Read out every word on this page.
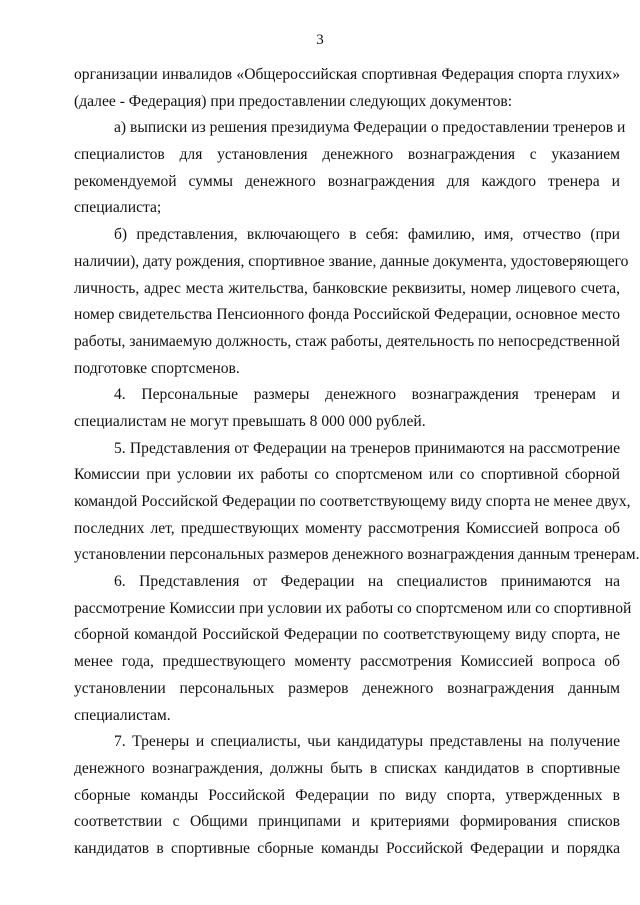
3
организации инвалидов «Общероссийская спортивная Федерация спорта глухих»
(далее - Федерация) при предоставлении следующих документов:
а) выписки из решения президиума Федерации о предоставлении тренеров и
специалистов для установления денежного вознаграждения с указанием
рекомендуемой суммы денежного вознаграждения для каждого тренера и
специалиста;
б) представления, включающего в себя: фамилию, имя, отчество (при
наличии), дату рождения, спортивное звание, данные документа, удостоверяющего
личность, адрес места жительства, банковские реквизиты, номер лицевого счета,
номер свидетельства Пенсионного фонда Российской Федерации, основное место
работы, занимаемую должность, стаж работы, деятельность по непосредственной
подготовке спортсменов.
4. Персональные размеры денежного вознаграждения тренерам и
специалистам не могут превышать 8 000 000 рублей.
5. Представления от Федерации на тренеров принимаются на рассмотрение
Комиссии при условии их работы со спортсменом или со спортивной сборной
командой Российской Федерации по соответствующему виду спорта не менее двух,
последних лет, предшествующих моменту рассмотрения Комиссией вопроса об
установлении персональных размеров денежного вознаграждения данным тренерам.
6. Представления от Федерации на специалистов принимаются на
рассмотрение Комиссии при условии их работы со спортсменом или со спортивной
сборной командой Российской Федерации по соответствующему виду спорта, не
менее года, предшествующего моменту рассмотрения Комиссией вопроса об
установлении персональных размеров денежного вознаграждения данным
специалистам.
7. Тренеры и специалисты, чьи кандидатуры представлены на получение
денежного вознаграждения, должны быть в списках кандидатов в спортивные
сборные команды Российской Федерации по виду спорта, утвержденных в
соответствии с Общими принципами и критериями формирования списков
кандидатов в спортивные сборные команды Российской Федерации и порядка
